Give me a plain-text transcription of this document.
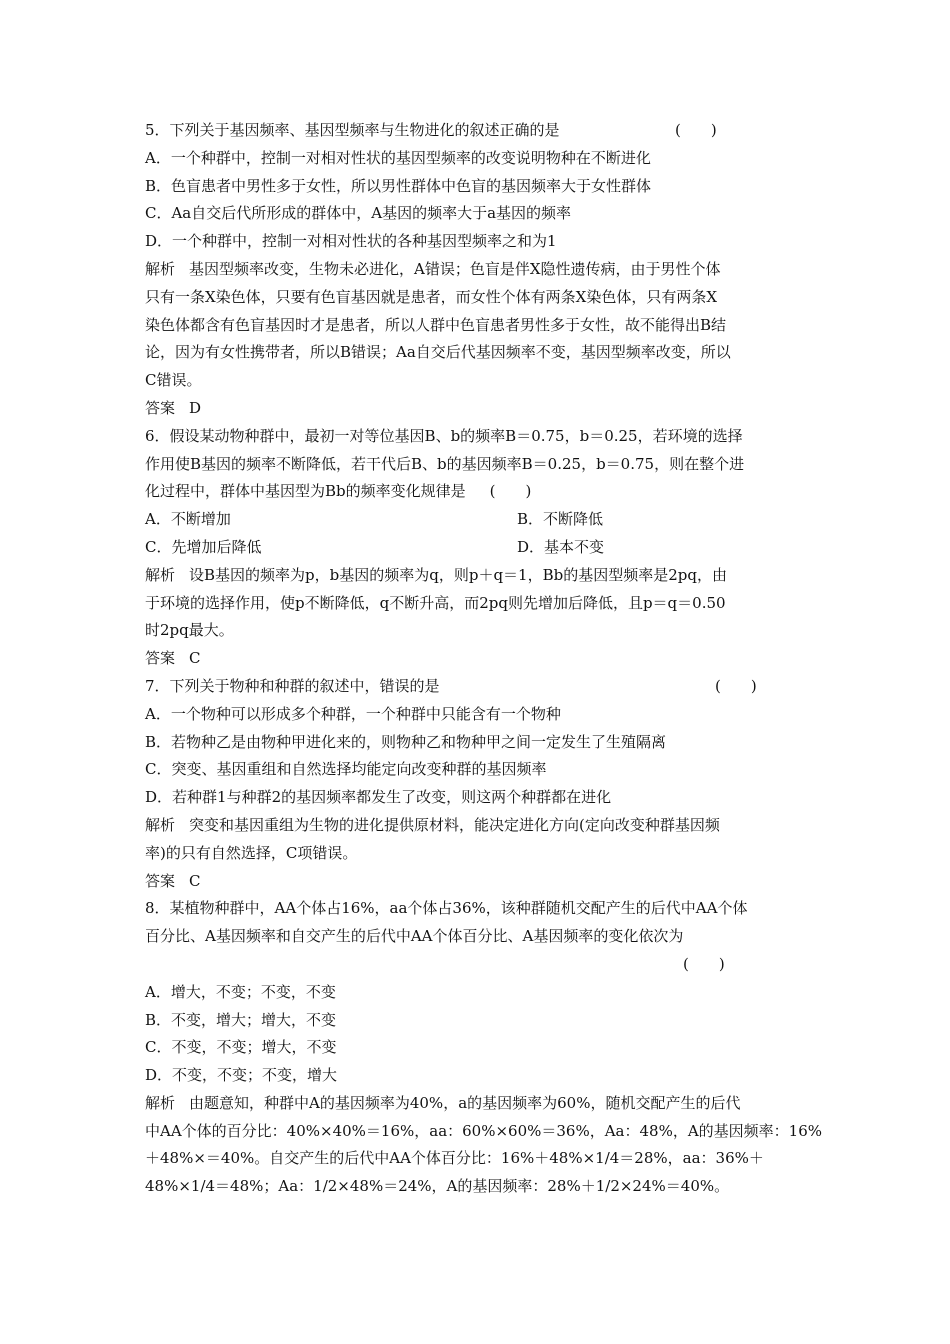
5．下列关于基因频率、基因型频率与生物进化的叙述正确的是	(　　)
A．一个种群中，控制一对相对性状的基因型频率的改变说明物种在不断进化
B．色盲患者中男性多于女性，所以男性群体中色盲的基因频率大于女性群体
C．Aa自交后代所形成的群体中，A基因的频率大于a基因的频率
D．一个种群中，控制一对相对性状的各种基因型频率之和为1
解析 基因型频率改变，生物未必进化，A错误；色盲是伴X隐性遗传病，由于男性个体
只有一条X染色体，只要有色盲基因就是患者，而女性个体有两条X染色体，只有两条X
染色体都含有色盲基因时才是患者，所以人群中色盲患者男性多于女性，故不能得出B结
论，因为有女性携带者，所以B错误；Aa自交后代基因频率不变，基因型频率改变，所以
C错误。
答案 D
6．假设某动物种群中，最初一对等位基因B、b的频率B＝0.75，b＝0.25，若环境的选择
作用使B基因的频率不断降低，若干代后B、b的基因频率B＝0.25，b＝0.75，则在整个进
化过程中，群体中基因型为Bb的频率变化规律是 (　　)
A．不断增加	B．不断降低
C．先增加后降低	D．基本不变
解析 设B基因的频率为p，b基因的频率为q，则p＋q＝1，Bb的基因型频率是2pq，由
于环境的选择作用，使p不断降低，q不断升高，而2pq则先增加后降低，且p＝q＝0.50
时2pq最大。
答案 C
7．下列关于物种和种群的叙述中，错误的是	(　　)
A．一个物种可以形成多个种群，一个种群中只能含有一个物种
B．若物种乙是由物种甲进化来的，则物种乙和物种甲之间一定发生了生殖隔离
C．突变、基因重组和自然选择均能定向改变种群的基因频率
D．若种群1与种群2的基因频率都发生了改变，则这两个种群都在进化
解析 突变和基因重组为生物的进化提供原材料，能决定进化方向(定向改变种群基因频
率)的只有自然选择，C项错误。
答案 C
8．某植物种群中，AA个体占16%，aa个体占36%，该种群随机交配产生的后代中AA个体
百分比、A基因频率和自交产生的后代中AA个体百分比、A基因频率的变化依次为
(　　)
A．增大，不变；不变，不变
B．不变，增大；增大，不变
C．不变，不变；增大，不变
D．不变，不变；不变，增大
解析 由题意知，种群中A的基因频率为40%，a的基因频率为60%，随机交配产生的后代
中AA个体的百分比：40%×40%＝16%，aa：60%×60%＝36%，Aa：48%，A的基因频率：16%
＋48%×＝40%。自交产生的后代中AA个体百分比：16%＋48%×1/4＝28%，aa：36%＋
48%×1/4＝48%；Aa：1/2×48%＝24%，A的基因频率：28%＋1/2×24%＝40%。
